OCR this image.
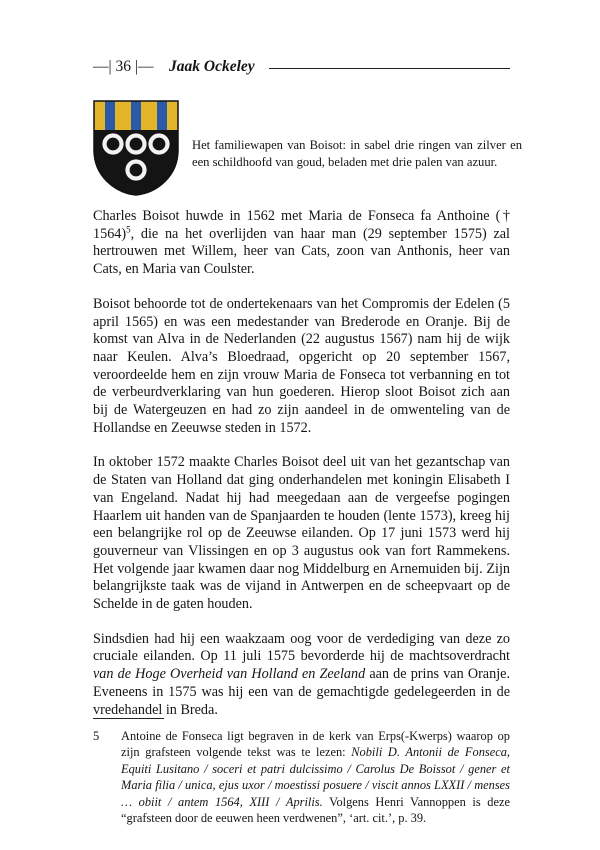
—| 36 |— Jaak Ockeley
Het familiewapen van Boisot: in sabel drie ringen van zilver en een schildhoofd van goud, beladen met drie palen van azuur.

Charles Boisot huwde in 1562 met Maria de Fonseca fa Anthoine († 1564)$^5$, die na het overlijden van haar man (29 september 1575) zal hertrouwen met Willem, heer van Cats, zoon van Anthonis, heer van Cats, en Maria van Coulster.

Boisot behoorde tot de ondertekenaars van het Compromis der Edelen (5 april 1565) en was een medestander van Brederode en Oranje. Bij de komst van Alva in de Nederlanden (22 augustus 1567) nam hij de wijk naar Keulen. Alva’s Bloedraad, opgericht op 20 september 1567, veroordeelde hem en zijn vrouw Maria de Fonseca tot verbanning en tot de verbeurdverklaring van hun goederen. Hierop sloot Boisot zich aan bij de Watergeuzen en had zo zijn aandeel in de omwenteling van de Hollandse en Zeeuwse steden in 1572.

In oktober 1572 maakte Charles Boisot deel uit van het gezantschap van de Staten van Holland dat ging onderhandelen met koningin Elisabeth I van Engeland. Nadat hij had meegedaan aan de vergeefse pogingen Haarlem uit handen van de Spanjaarden te houden (lente 1573), kreeg hij een belangrijke rol op de Zeeuwse eilanden. Op 17 juni 1573 werd hij gouverneur van Vlissingen en op 3 augustus ook van fort Rammekens. Het volgende jaar kwamen daar nog Middelburg en Arnemuiden bij. Zijn belangrijkste taak was de vijand in Antwerpen en de scheepvaart op de Schelde in de gaten houden.

Sindsdien had hij een waakzaam oog voor de verdediging van deze zo cruciale eilanden. Op 11 juli 1575 bevorderde hij de machtsoverdracht van de Hoge Overheid van Holland en Zeeland aan de prins van Oranje. Eveneens in 1575 was hij een van de gemachtigde gedelegeerden in de vredehandel in Breda.

5 Antoine de Fonseca ligt begraven in de kerk van Erps(-Kwerps) waarop op zijn grafsteen volgende tekst was te lezen: Nobili D. Antonii de Fonseca, Equiti Lusitano / soceri et patri dulcissimo / Carolus De Boissot / gener et Maria filia / unica, ejus uxor / moestissi posuere / viscit annos LXXII / menses … obiit / antem 1564, XIII / Aprilis. Volgens Henri Vannoppen is deze “grafsteen door de eeuwen heen verdwenen”, ‘art. cit.’, p. 39.
